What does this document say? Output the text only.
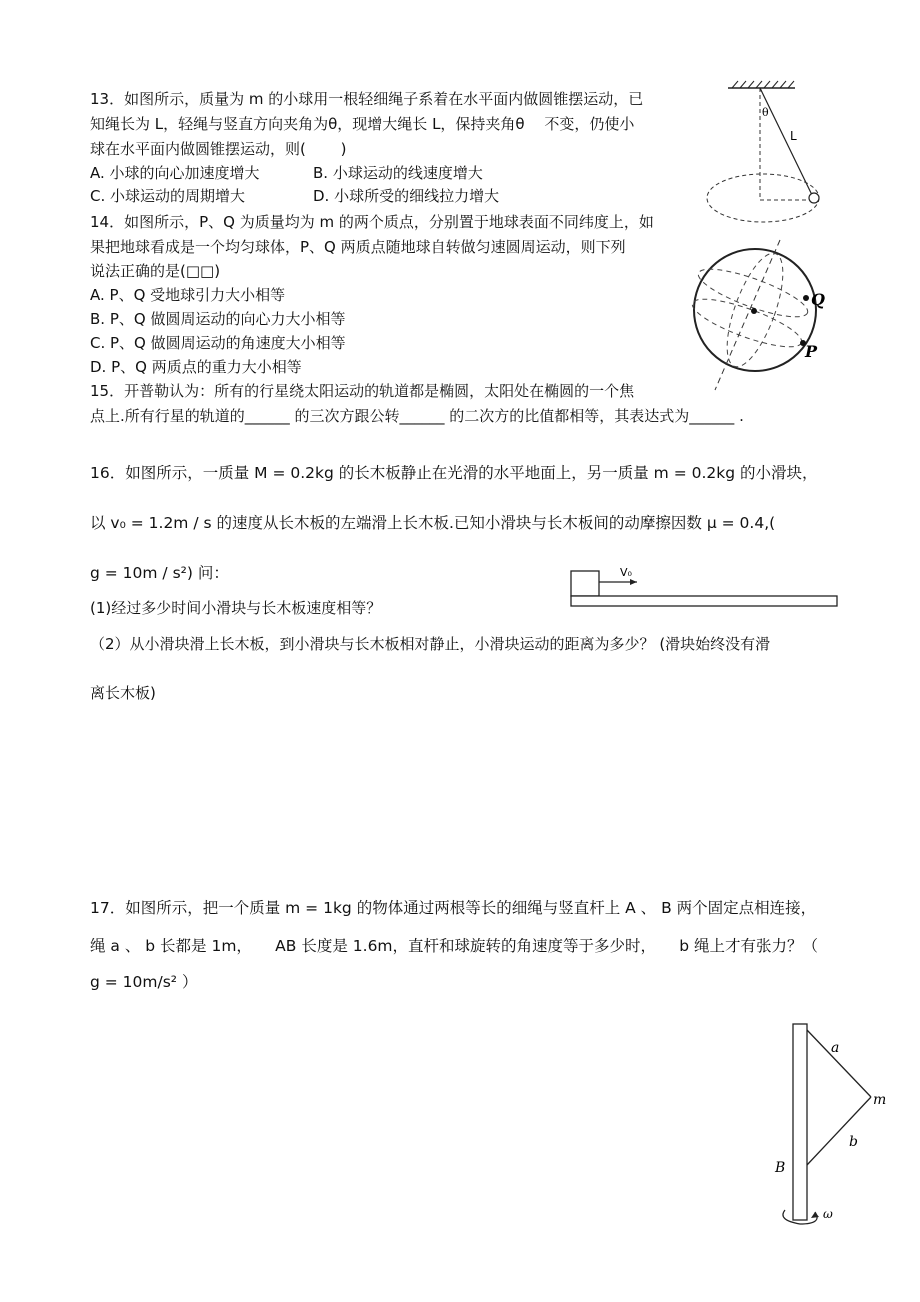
13．如图所示，质量为 m 的小球用一根轻细绳子系着在水平面内做圆锥摆运动，已
知绳长为 L，轻绳与竖直方向夹角为θ，现增大绳长 L，保持夹角θ　 不变，仍使小
球在水平面内做圆锥摆运动，则(　　 )
A. 小球的向心加速度增大	B. 小球运动的线速度增大
C. 小球运动的周期增大	D. 小球所受的细线拉力增大
θ
L
14．如图所示，P、Q 为质量均为 m 的两个质点，分别置于地球表面不同纬度上，如
果把地球看成是一个均匀球体，P、Q 两质点随地球自转做匀速圆周运动，则下列
说法正确的是(□□)
A. P、Q 受地球引力大小相等
B. P、Q 做圆周运动的向心力大小相等
C. P、Q 做圆周运动的角速度大小相等
D. P、Q 两质点的重力大小相等
Q
P
15．开普勒认为：所有的行星绕太阳运动的轨道都是椭圆，太阳处在椭圆的一个焦
点上.所有行星的轨道的______ 的三次方跟公转______ 的二次方的比值都相等，其表达式为______ .
16．如图所示，一质量 M = 0.2kg 的长木板静止在光滑的水平地面上，另一质量 m = 0.2kg 的小滑块，
以 v₀ = 1.2m / s 的速度从长木板的左端滑上长木板.已知小滑块与长木板间的动摩擦因数 μ = 0.4,(
g = 10m / s²) 问：
(1)经过多少时间小滑块与长木板速度相等？
（2）从小滑块滑上长木板，到小滑块与长木板相对静止，小滑块运动的距离为多少？ (滑块始终没有滑
离长木板)
V₀
17．如图所示，把一个质量 m = 1kg 的物体通过两根等长的细绳与竖直杆上 A 、 B 两个固定点相连接，
绳 a 、 b 长都是 1m，　　AB 长度是 1.6m，直杆和球旋转的角速度等于多少时，　　b 绳上才有张力？（
g = 10m/s² ）
a
m
b
B
ω
